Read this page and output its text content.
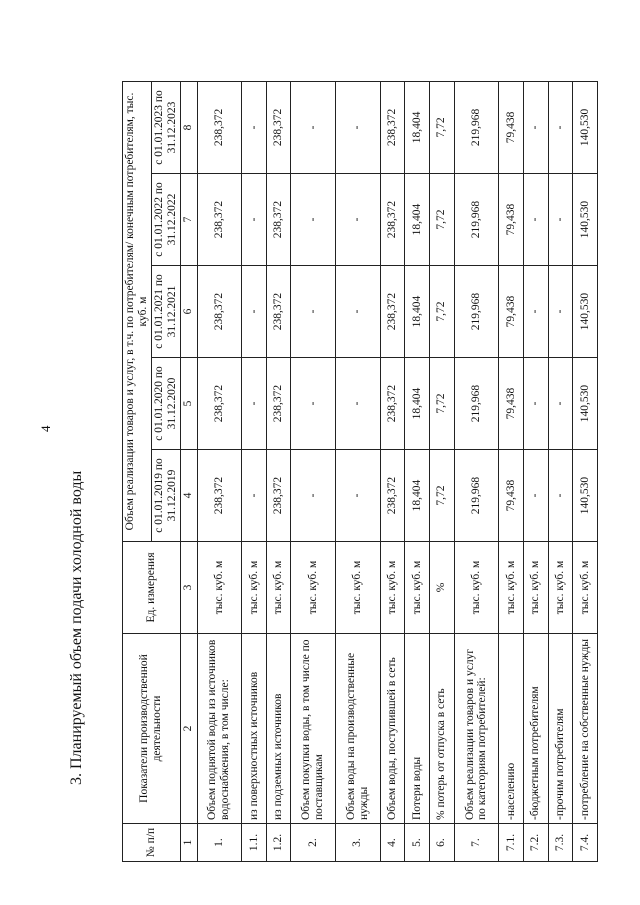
4
3. Планируемый объем подачи холодной воды
№ п/п	Показатели производственной деятельности	Ед. измерения	Объем реализации товаров и услуг, в т.ч. по потребителям/ конечным потребителям, тыс. куб. м				
			с 01.01.2019 по 31.12.2019	с 01.01.2020 по 31.12.2020	с 01.01.2021 по 31.12.2021	с 01.01.2022 по 31.12.2022	с 01.01.2023 по 31.12.2023
1	2	3	4	5	6	7	8
1.	Объем поднятой воды из источников водоснабжения, в том числе:	тыс. куб. м	238,372	238,372	238,372	238,372	238,372
1.1.	из поверхностных источников	тыс. куб. м	-	-	-	-	-
1.2.	из подземных источников	тыс. куб. м	238,372	238,372	238,372	238,372	238,372
2.	Объем покупки воды, в том числе по поставщикам	тыс. куб. м	-	-	-	-	-
3.	Объем воды на производственные нужды	тыс. куб. м	-	-	-	-	-
4.	Объем воды, поступившей в сеть	тыс. куб. м	238,372	238,372	238,372	238,372	238,372
5.	Потери воды	тыс. куб. м	18,404	18,404	18,404	18,404	18,404
6.	% потерь от отпуска в сеть	%	7,72	7,72	7,72	7,72	7,72
7.	Объем реализации товаров и услуг по категориям потребителей:	тыс. куб. м	219,968	219,968	219,968	219,968	219,968
7.1.	-населению	тыс. куб. м	79,438	79,438	79,438	79,438	79,438
7.2.	-бюджетным потребителям	тыс. куб. м	-	-	-	-	-
7.3.	-прочим потребителям	тыс. куб. м	-	-	-	-	-
7.4.	-потребление на собственные нужды	тыс. куб. м	140,530	140,530	140,530	140,530	140,530
